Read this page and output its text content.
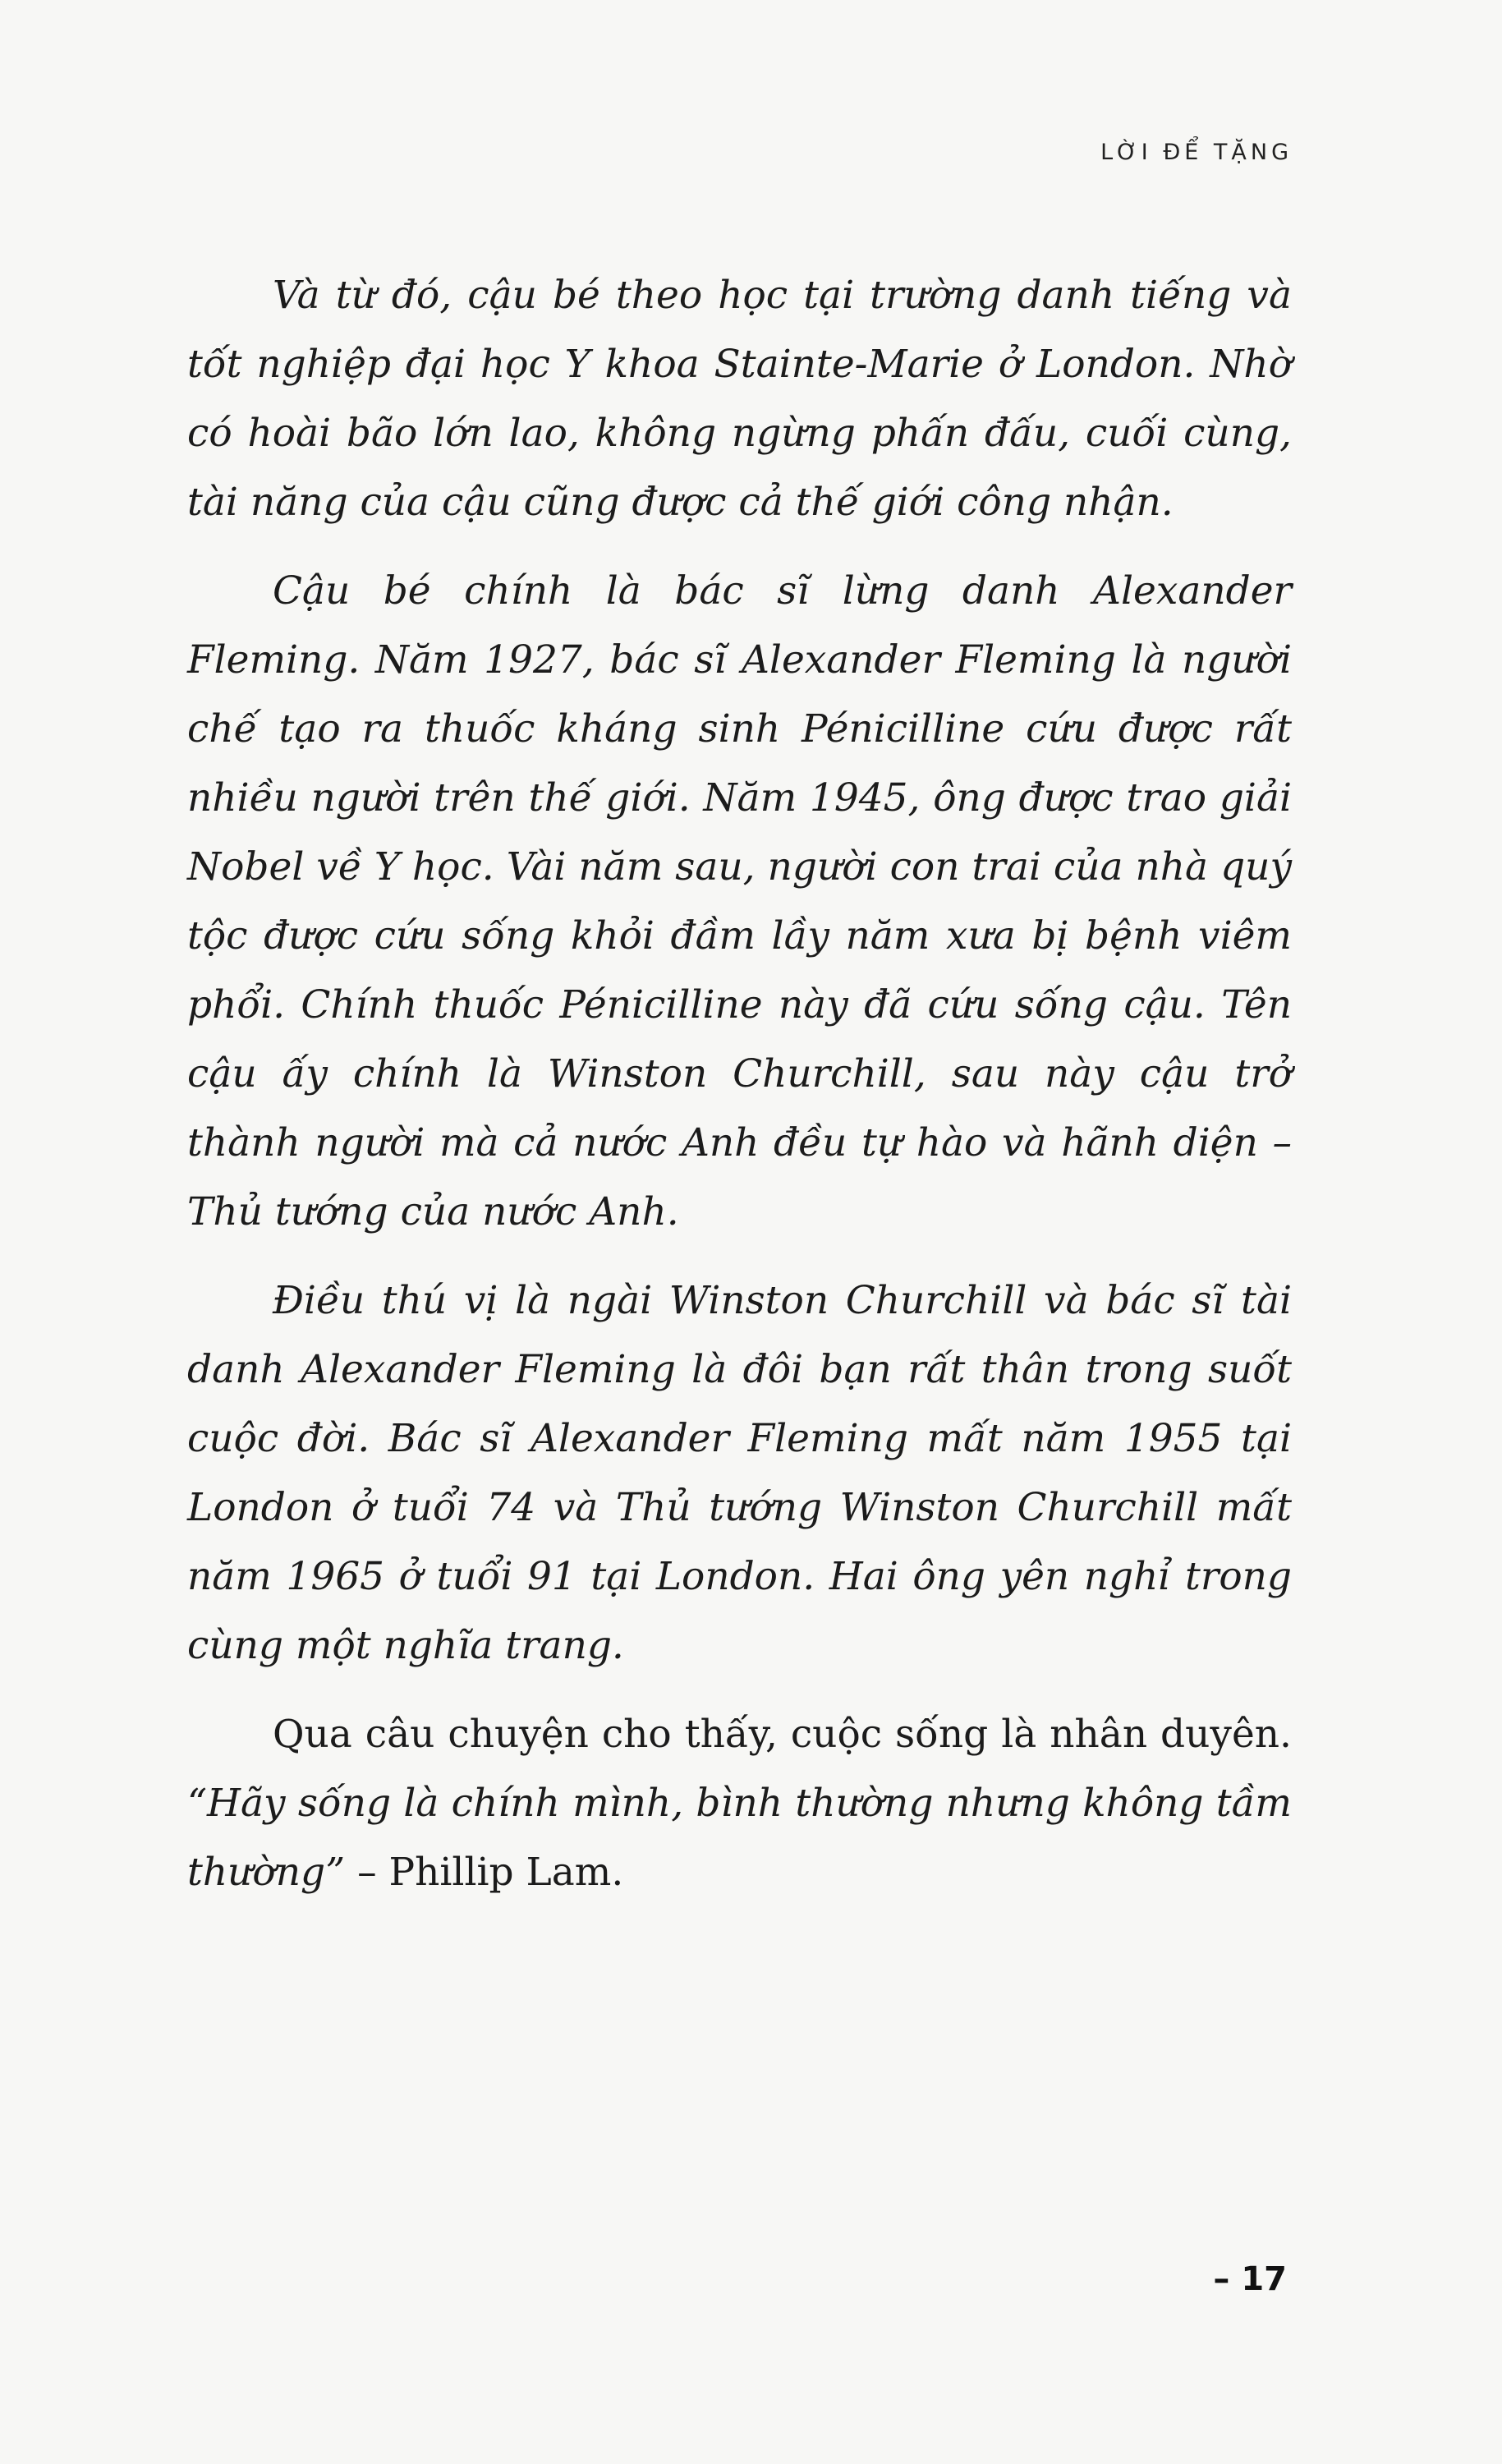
LỜI ĐỂ TẶNG

Và từ đó, cậu bé theo học tại trường danh tiếng và tốt nghiệp đại học Y khoa Stainte-Marie ở London. Nhờ có hoài bão lớn lao, không ngừng phấn đấu, cuối cùng, tài năng của cậu cũng được cả thế giới công nhận.

Cậu bé chính là bác sĩ lừng danh Alexander Fleming. Năm 1927, bác sĩ Alexander Fleming là người chế tạo ra thuốc kháng sinh Pénicilline cứu được rất nhiều người trên thế giới. Năm 1945, ông được trao giải Nobel về Y học. Vài năm sau, người con trai của nhà quý tộc được cứu sống khỏi đầm lầy năm xưa bị bệnh viêm phổi. Chính thuốc Pénicilline này đã cứu sống cậu. Tên cậu ấy chính là Winston Churchill, sau này cậu trở thành người mà cả nước Anh đều tự hào và hãnh diện – Thủ tướng của nước Anh.

Điều thú vị là ngài Winston Churchill và bác sĩ tài danh Alexander Fleming là đôi bạn rất thân trong suốt cuộc đời. Bác sĩ Alexander Fleming mất năm 1955 tại London ở tuổi 74 và Thủ tướng Winston Churchill mất năm 1965 ở tuổi 91 tại London. Hai ông yên nghỉ trong cùng một nghĩa trang.

Qua câu chuyện cho thấy, cuộc sống là nhân duyên. “Hãy sống là chính mình, bình thường nhưng không tầm thường” – Phillip Lam.

– 17
